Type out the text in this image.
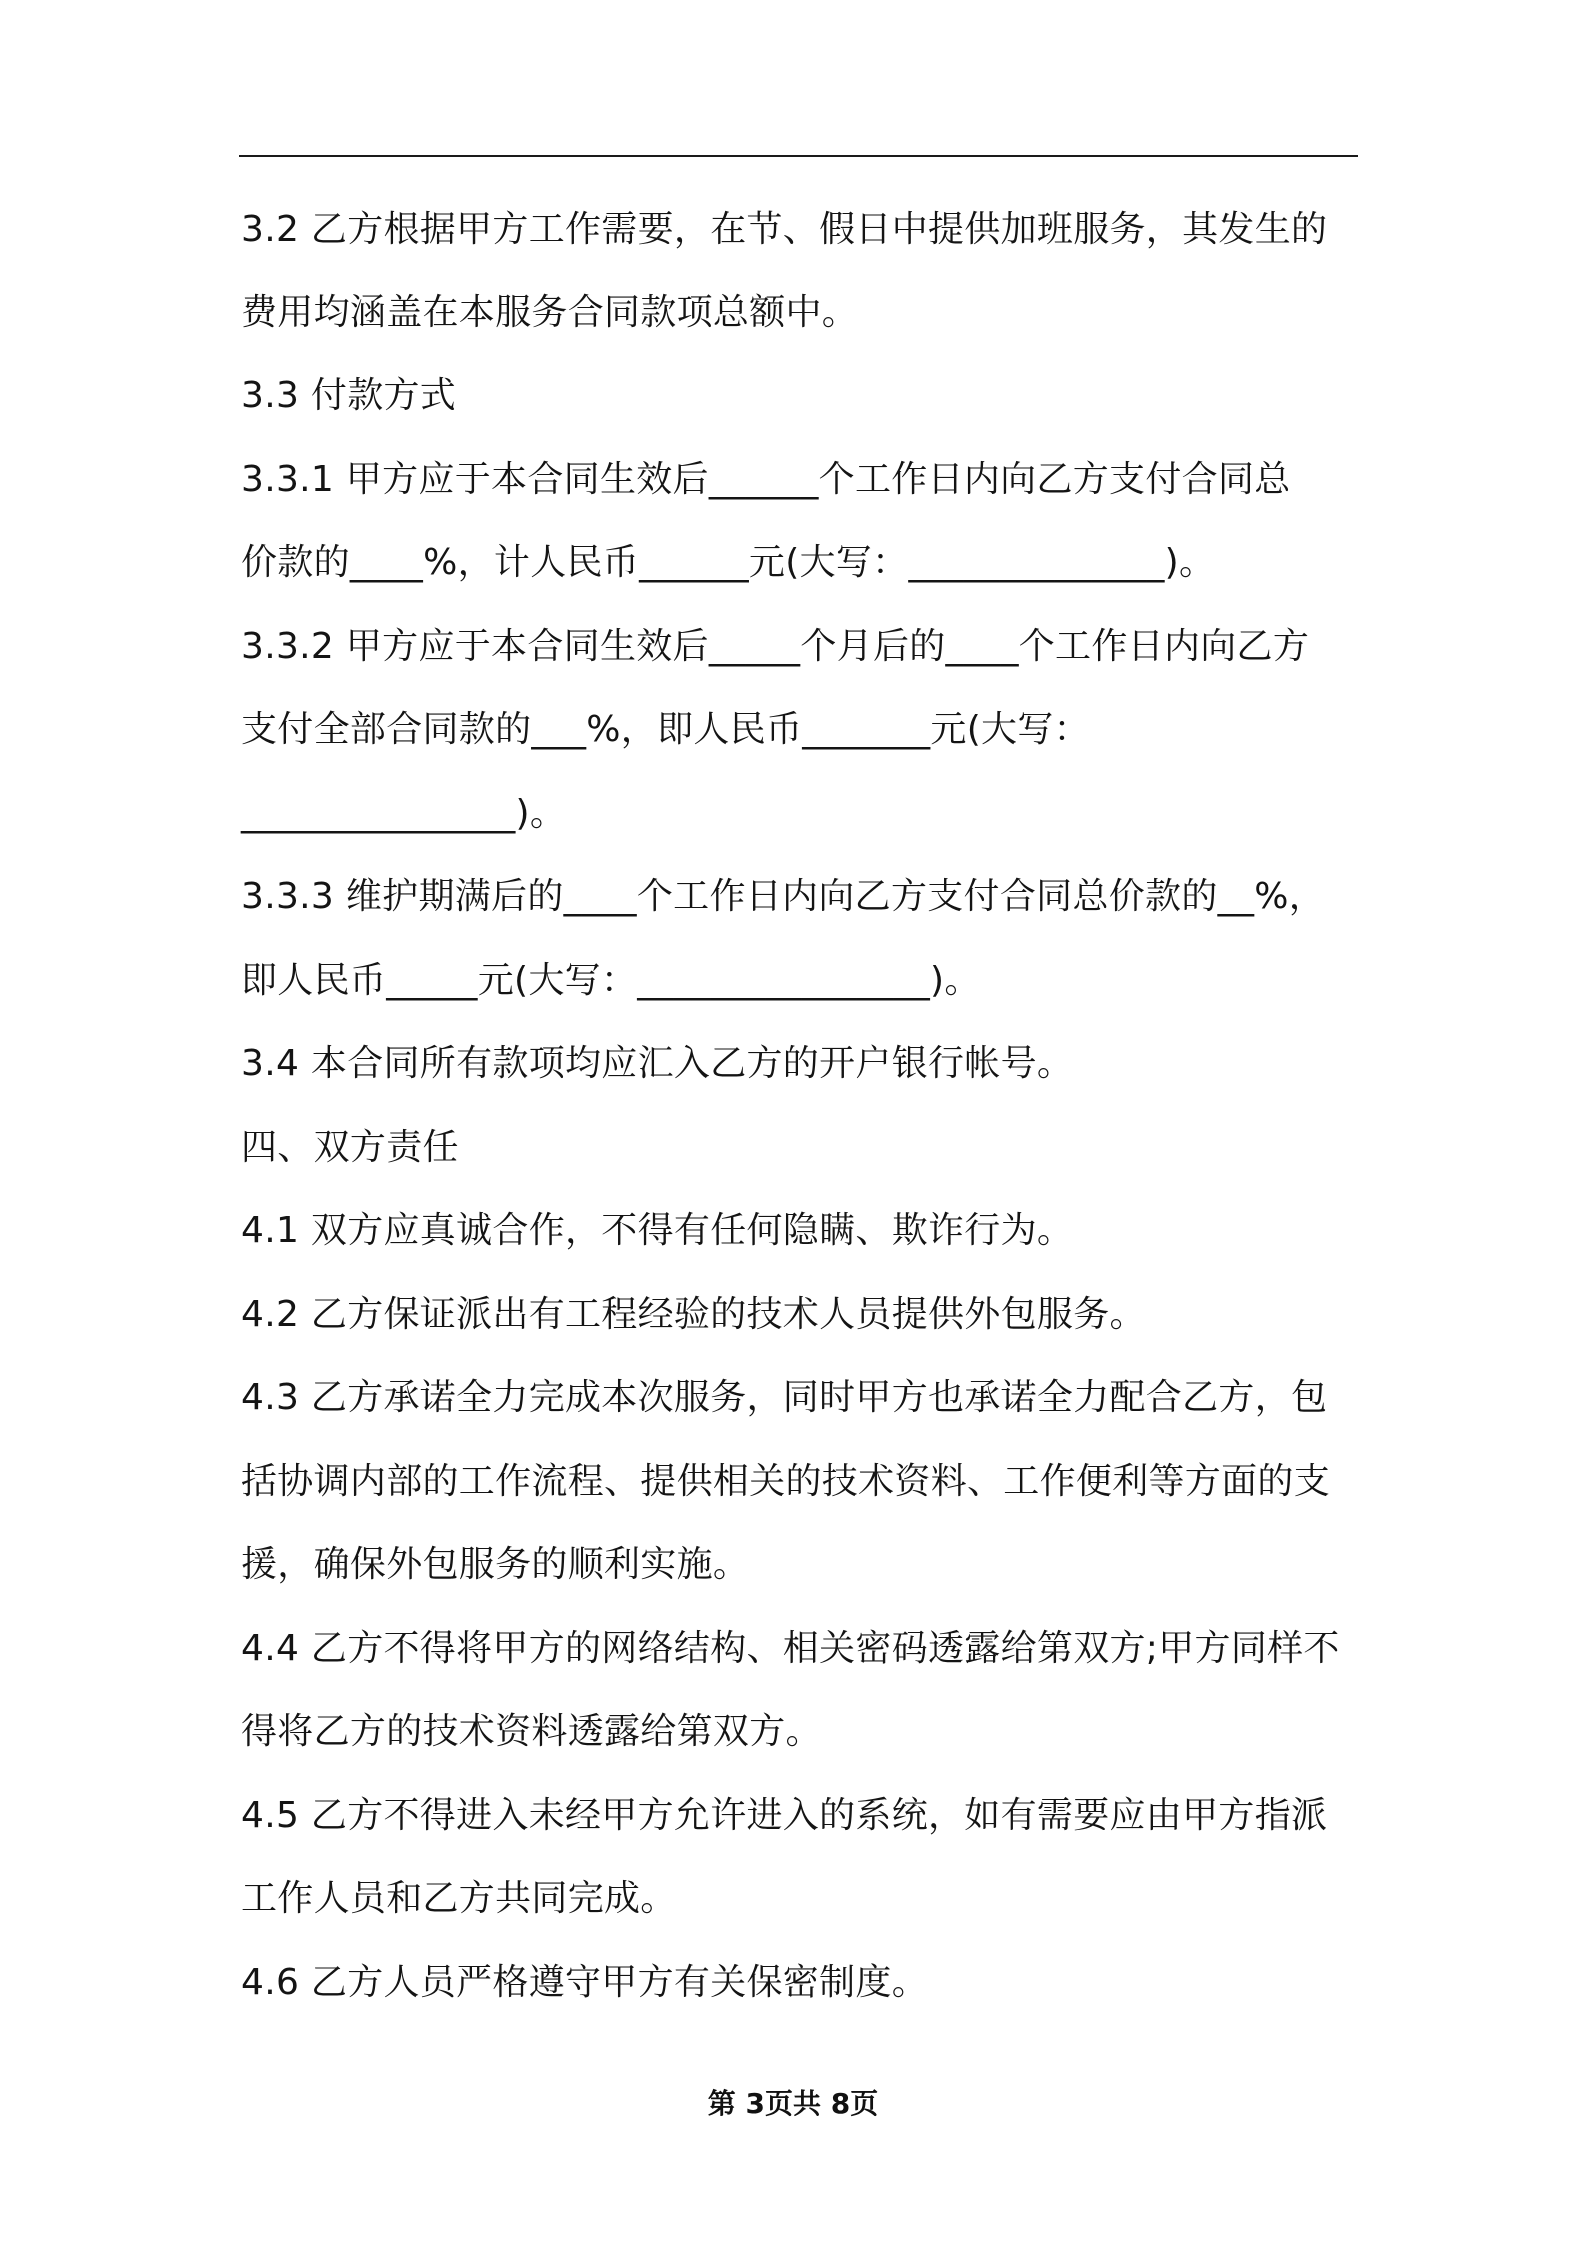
3.2 乙方根据甲方工作需要，在节、假日中提供加班服务，其发生的
费用均涵盖在本服务合同款项总额中。
3.3 付款方式
3.3.1 甲方应于本合同生效后______个工作日内向乙方支付合同总
价款的____%，计人民币______元(大写：______________)。
3.3.2 甲方应于本合同生效后_____个月后的____个工作日内向乙方
支付全部合同款的___%，即人民币_______元(大写：
_______________)。
3.3.3 维护期满后的____个工作日内向乙方支付合同总价款的__%，
即人民币_____元(大写：________________)。
3.4 本合同所有款项均应汇入乙方的开户银行帐号。
四、双方责任
4.1 双方应真诚合作，不得有任何隐瞒、欺诈行为。
4.2 乙方保证派出有工程经验的技术人员提供外包服务。
4.3 乙方承诺全力完成本次服务，同时甲方也承诺全力配合乙方，包
括协调内部的工作流程、提供相关的技术资料、工作便利等方面的支
援，确保外包服务的顺利实施。
4.4 乙方不得将甲方的网络结构、相关密码透露给第双方;甲方同样不
得将乙方的技术资料透露给第双方。
4.5 乙方不得进入未经甲方允许进入的系统，如有需要应由甲方指派
工作人员和乙方共同完成。
4.6 乙方人员严格遵守甲方有关保密制度。
第 3页共 8页
